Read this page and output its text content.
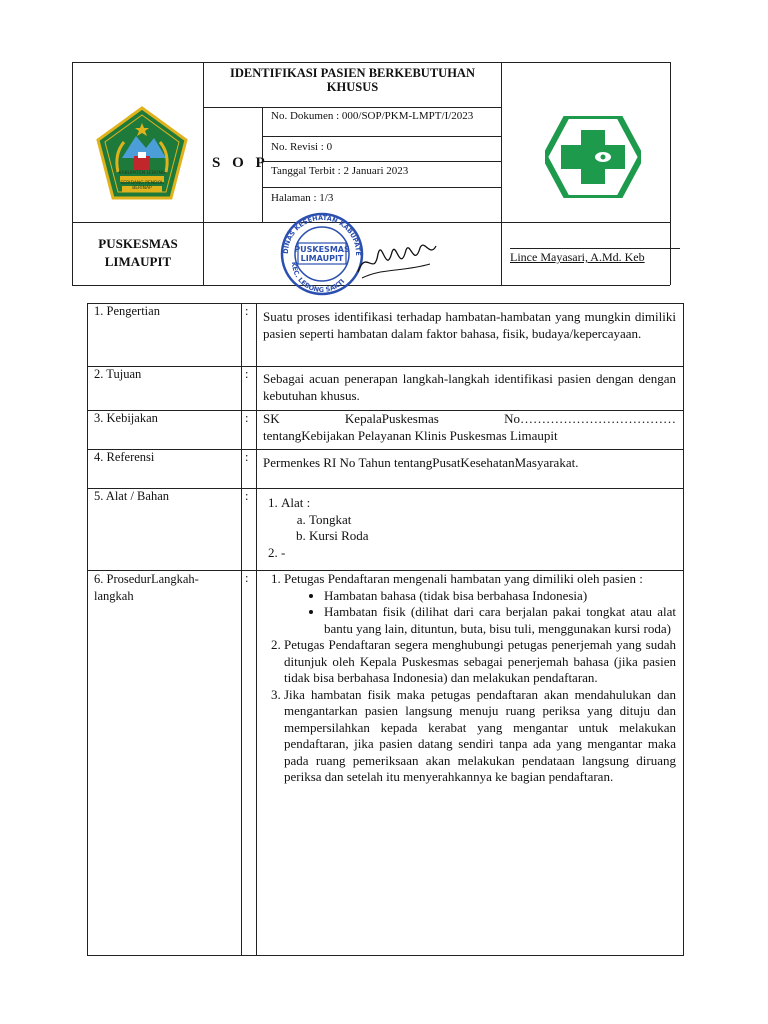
KABUPATEN LEBONG
SEBIDANG PENDOL BERINAP
IDENTIFIKASI PASIEN BERKEBUTUHAN
KHUSUS
S O P
No. Dokumen : 000/SOP/PKM-LMPT/I/2023
No. Revisi : 0
Tanggal Terbit : 2 Januari 2023
Halaman : 1/3
PUSKESMAS
LIMAUPIT
DINAS KESEHATAN KABUPATE
KEC. LEBONG SAKTI
PUSKESMAS
LIMAUPIT	Lince Mayasari, A.Md. Keb
1. Pengertian	: Suatu proses identifikasi terhadap hambatan-hambatan yang mungkin dimiliki pasien seperti hambatan dalam faktor bahasa, fisik, budaya/kepercayaan.
2. Tujuan	: Sebagai acuan penerapan langkah-langkah identifikasi pasien dengan dengan kebutuhan khusus.
3. Kebijakan	: SK	KepalaPuskesmas	No………………………………
tentangKebijakan Pelayanan Klinis Puskesmas Limaupit
4. Referensi	: Permenkes RI No Tahun tentangPusatKesehatanMasyarakat.
5. Alat / Bahan	:	1. Alat :
a. Tongkat
b. Kursi Roda
2. -
6. ProsedurLangkah-
langkah
:	1. Petugas Pendaftaran mengenali hambatan yang dimiliki oleh pasien :
• Hambatan bahasa (tidak bisa berbahasa Indonesia)
• Hambatan fisik (dilihat dari cara berjalan pakai tongkat atau alat bantu yang lain, dituntun, buta, bisu tuli, menggunakan kursi roda)
2. Petugas Pendaftaran segera menghubungi petugas penerjemah yang sudah ditunjuk oleh Kepala Puskesmas sebagai penerjemah bahasa (jika pasien tidak bisa berbahasa Indonesia) dan melakukan pendaftaran.
3. Jika hambatan fisik maka petugas pendaftaran akan mendahulukan dan mengantarkan pasien langsung menuju ruang periksa yang dituju dan mempersilahkan kepada kerabat yang mengantar untuk melakukan pendaftaran, jika pasien datang sendiri tanpa ada yang mengantar maka pada ruang pemeriksaan akan melakukan pendataan langsung diruang periksa dan setelah itu menyerahkannya ke bagian pendaftaran.
